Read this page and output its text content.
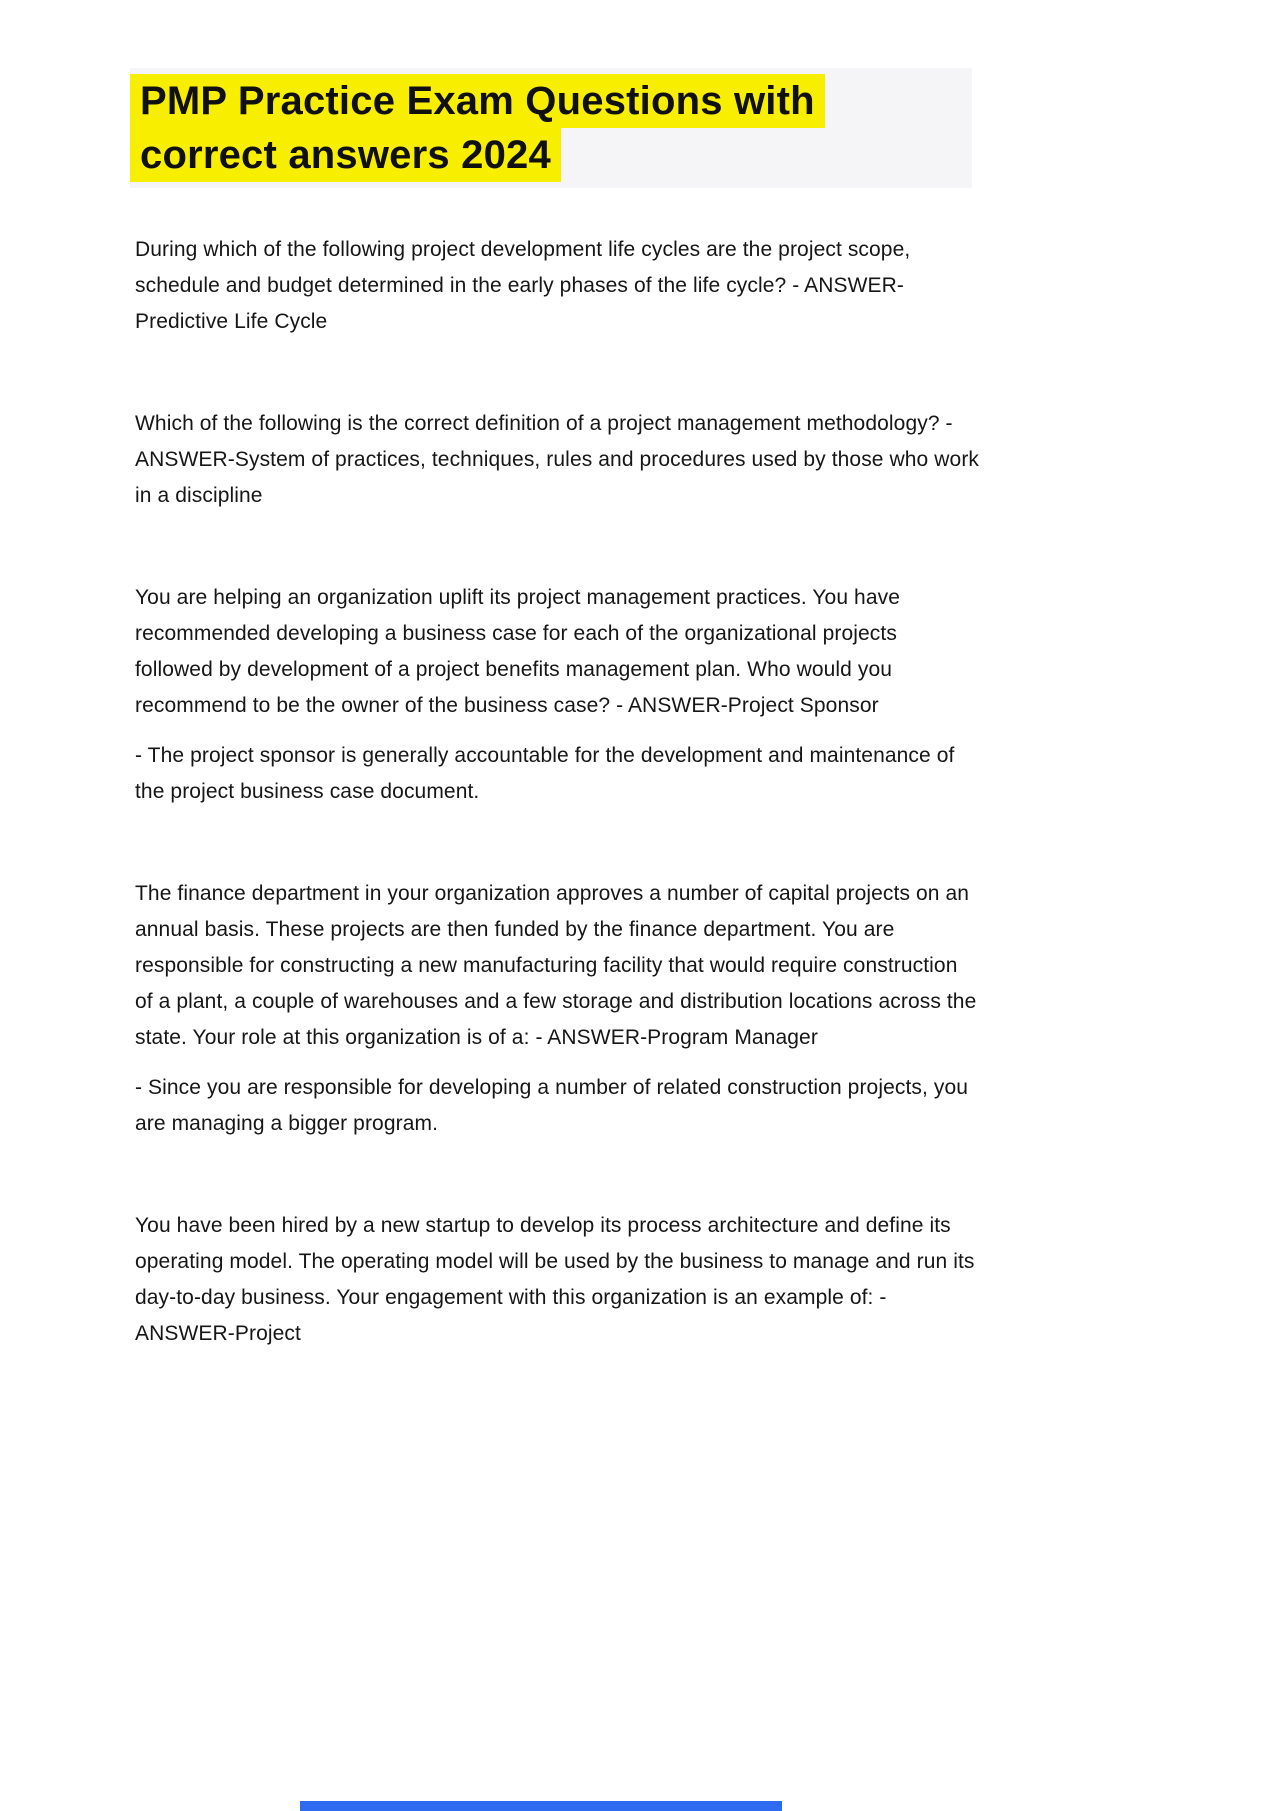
PMP Practice Exam Questions with correct answers 2024

During which of the following project development life cycles are the project scope, schedule and budget determined in the early phases of the life cycle? - ANSWER-Predictive Life Cycle

Which of the following is the correct definition of a project management methodology? - ANSWER-System of practices, techniques, rules and procedures used by those who work in a discipline

You are helping an organization uplift its project management practices. You have recommended developing a business case for each of the organizational projects followed by development of a project benefits management plan. Who would you recommend to be the owner of the business case? - ANSWER-Project Sponsor

- The project sponsor is generally accountable for the development and maintenance of the project business case document.

The finance department in your organization approves a number of capital projects on an annual basis. These projects are then funded by the finance department. You are responsible for constructing a new manufacturing facility that would require construction of a plant, a couple of warehouses and a few storage and distribution locations across the state. Your role at this organization is of a: - ANSWER-Program Manager

- Since you are responsible for developing a number of related construction projects, you are managing a bigger program.

You have been hired by a new startup to develop its process architecture and define its operating model. The operating model will be used by the business to manage and run its day-to-day business. Your engagement with this organization is an example of: - ANSWER-Project
